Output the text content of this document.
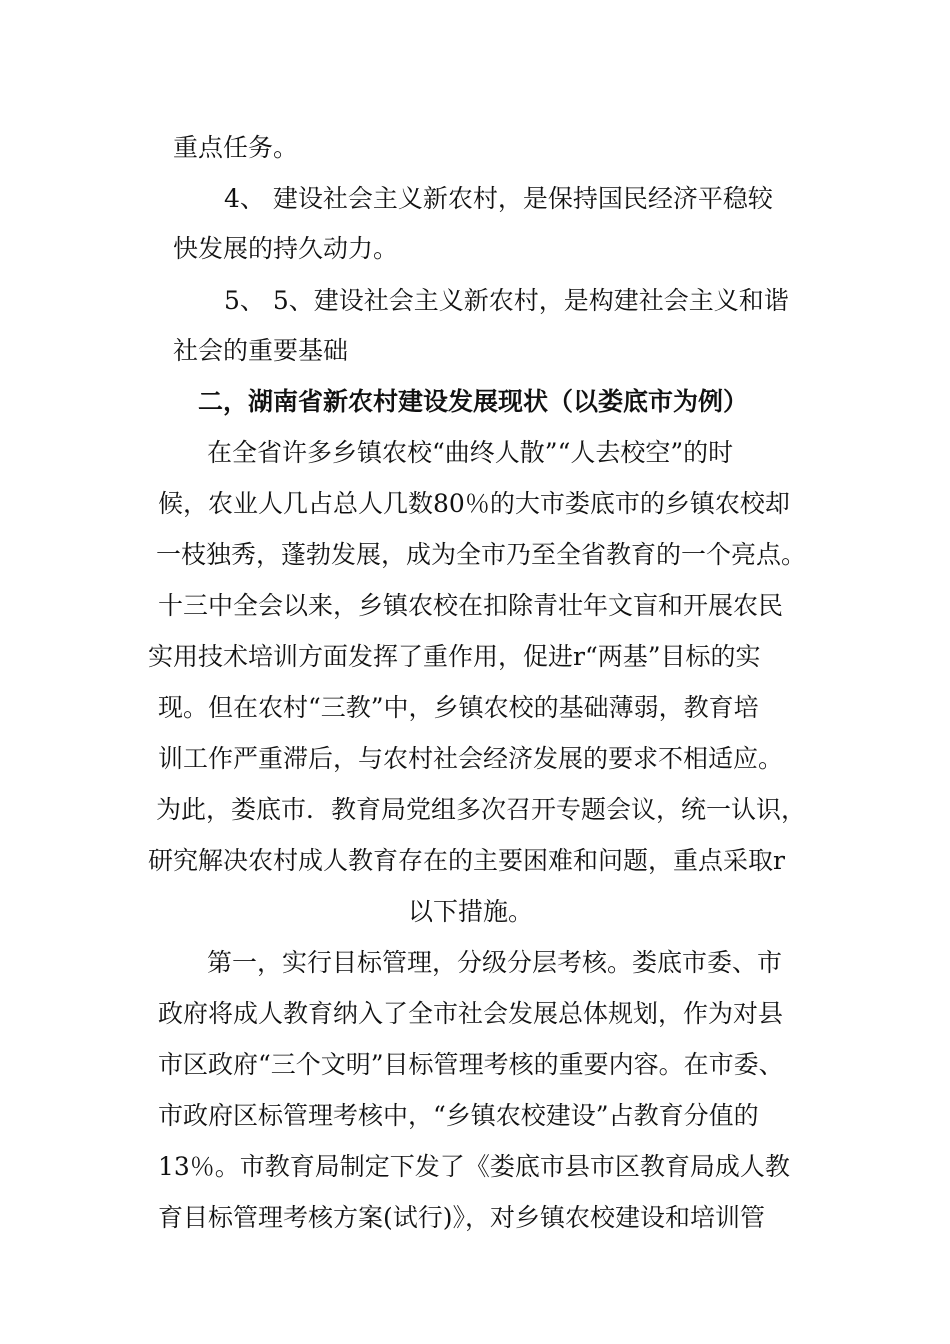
重点任务。
4、 建设社会主义新农村，是保持国民经济平稳较
快发展的持久动力。
5、 5、建设社会主义新农村，是构建社会主义和谐
社会的重要基础
二，湖南省新农村建设发展现状（以娄底市为例）
在全省许多乡镇农校“曲终人散”“人去校空”的时
候，农业人几占总人几数80％的大市娄底市的乡镇农校却
一枝独秀，蓬勃发展，成为全市乃至全省教育的一个亮点。
十三中全会以来，乡镇农校在扣除青壮年文盲和开展农民
实用技术培训方面发挥了重作用，促进r“两基”目标的实
现。但在农村“三教”中，乡镇农校的基础薄弱，教育培
训工作严重滞后，与农村社会经济发展的要求不相适应。
为此，娄底巿．教育局党组多次召开专题会议，统一认识，
研究解决农村成人教育存在的主要困难和问题，重点采取r
以下措施。
第一，实行目标管理，分级分层考核。娄底市委、市
政府将成人教育纳入了全市社会发展总体规划，作为对县
市区政府“三个文明”目标管理考核的重要内容。在市委、
市政府区标管理考核中，“乡镇农校建设”占教育分值的
13％。市教育局制定下发了《娄底市县市区教育局成人教
育目标管理考核方案(试行)》，对乡镇农校建设和培训管
